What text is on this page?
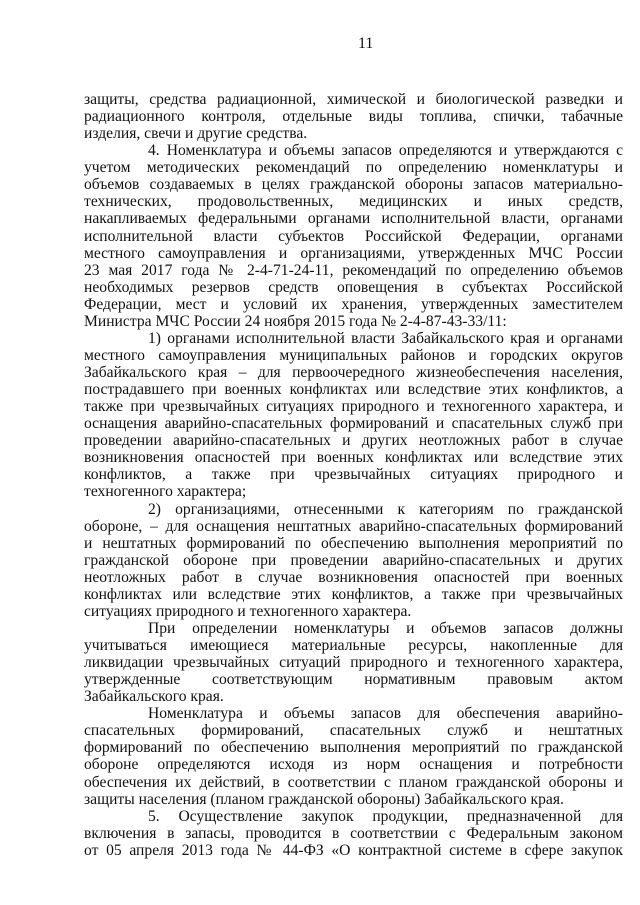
11
защиты, средства радиационной, химической и биологической разведки и
радиационного контроля, отдельные виды топлива, спички, табачные
изделия, свечи и другие средства.
4. Номенклатура и объемы запасов определяются и утверждаются с
учетом методических рекомендаций по определению номенклатуры и
объемов создаваемых в целях гражданской обороны запасов материально-
технических, продовольственных, медицинских и иных средств,
накапливаемых федеральными органами исполнительной власти, органами
исполнительной власти субъектов Российской Федерации, органами
местного самоуправления и организациями, утвержденных МЧС России
23 мая 2017 года № 2-4-71-24-11, рекомендаций по определению объемов
необходимых резервов средств оповещения в субъектах Российской
Федерации, мест и условий их хранения, утвержденных заместителем
Министра МЧС России 24 ноября 2015 года № 2-4-87-43-33/11:
1) органами исполнительной власти Забайкальского края и органами
местного самоуправления муниципальных районов и городских округов
Забайкальского края – для первоочередного жизнеобеспечения населения,
пострадавшего при военных конфликтах или вследствие этих конфликтов, а
также при чрезвычайных ситуациях природного и техногенного характера, и
оснащения аварийно-спасательных формирований и спасательных служб при
проведении аварийно-спасательных и других неотложных работ в случае
возникновения опасностей при военных конфликтах или вследствие этих
конфликтов, а также при чрезвычайных ситуациях природного и
техногенного характера;
2) организациями, отнесенными к категориям по гражданской
обороне, – для оснащения нештатных аварийно-спасательных формирований
и нештатных формирований по обеспечению выполнения мероприятий по
гражданской обороне при проведении аварийно-спасательных и других
неотложных работ в случае возникновения опасностей при военных
конфликтах или вследствие этих конфликтов, а также при чрезвычайных
ситуациях природного и техногенного характера.
При определении номенклатуры и объемов запасов должны
учитываться имеющиеся материальные ресурсы, накопленные для
ликвидации чрезвычайных ситуаций природного и техногенного характера,
утвержденные соответствующим нормативным правовым актом
Забайкальского края.
Номенклатура и объемы запасов для обеспечения аварийно-
спасательных формирований, спасательных служб и нештатных
формирований по обеспечению выполнения мероприятий по гражданской
обороне определяются исходя из норм оснащения и потребности
обеспечения их действий, в соответствии с планом гражданской обороны и
защиты населения (планом гражданской обороны) Забайкальского края.
5. Осуществление закупок продукции, предназначенной для
включения в запасы, проводится в соответствии с Федеральным законом
от 05 апреля 2013 года № 44-ФЗ «О контрактной системе в сфере закупок
